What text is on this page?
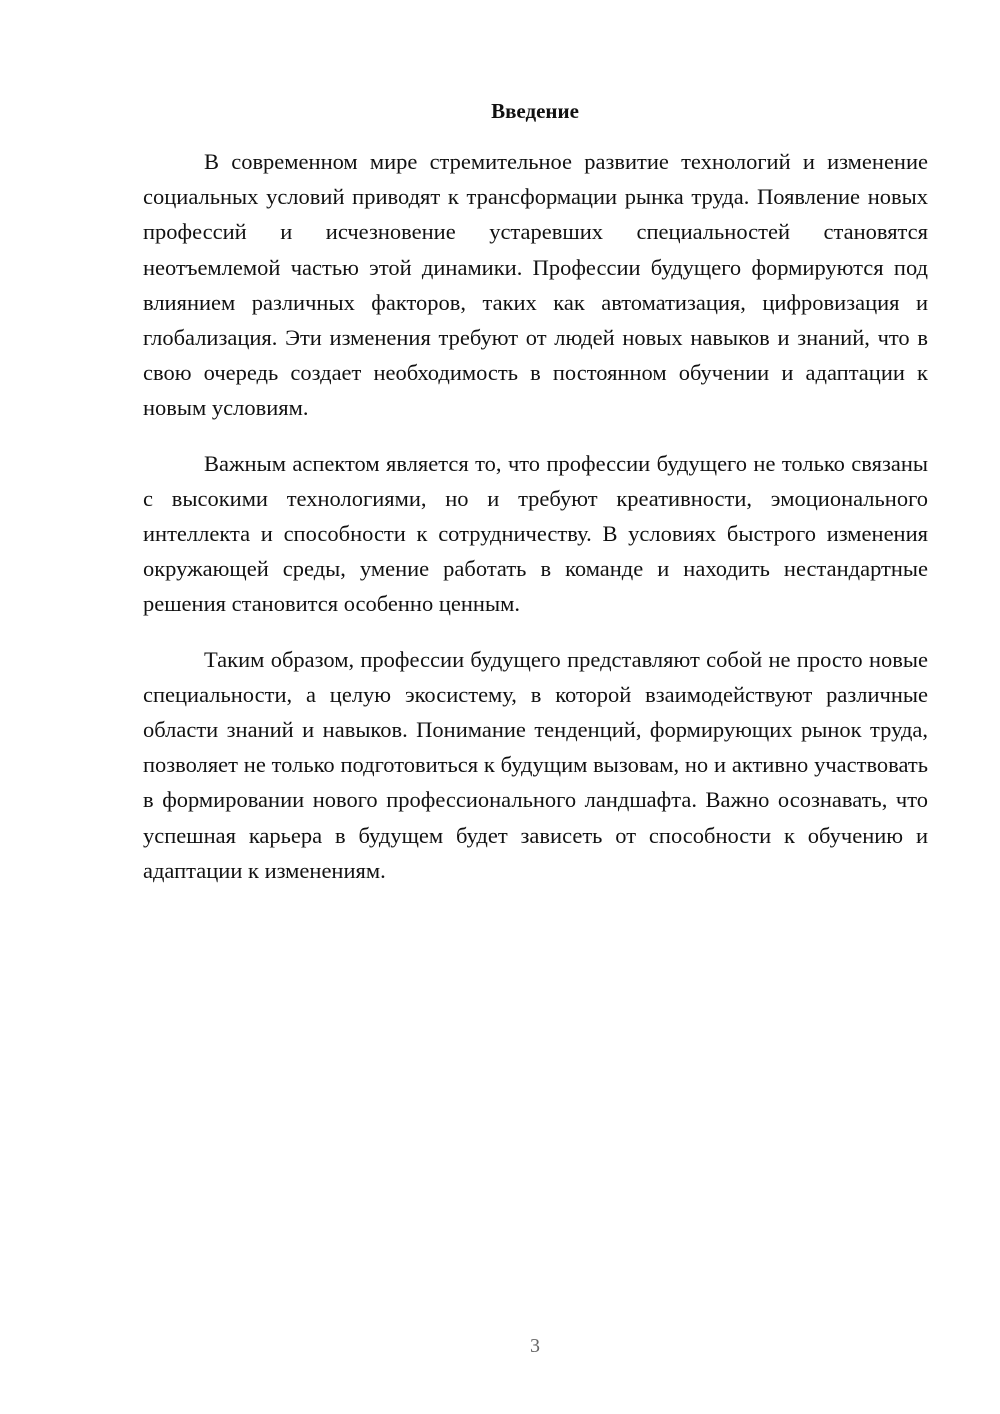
Введение

В современном мире стремительное развитие технологий и изменение социальных условий приводят к трансформации рынка труда. Появление новых профессий и исчезновение устаревших специальностей становятся неотъемлемой частью этой динамики. Профессии будущего формируются под влиянием различных факторов, таких как автоматизация, цифровизация и глобализация. Эти изменения требуют от людей новых навыков и знаний, что в свою очередь создает необходимость в постоянном обучении и адаптации к новым условиям.

Важным аспектом является то, что профессии будущего не только связаны с высокими технологиями, но и требуют креативности, эмоционального интеллекта и способности к сотрудничеству. В условиях быстрого изменения окружающей среды, умение работать в команде и находить нестандартные решения становится особенно ценным.

Таким образом, профессии будущего представляют собой не просто новые специальности, а целую экосистему, в которой взаимодействуют различные области знаний и навыков. Понимание тенденций, формирующих рынок труда, позволяет не только подготовиться к будущим вызовам, но и активно участвовать в формировании нового профессионального ландшафта. Важно осознавать, что успешная карьера в будущем будет зависеть от способности к обучению и адаптации к изменениям.

3
